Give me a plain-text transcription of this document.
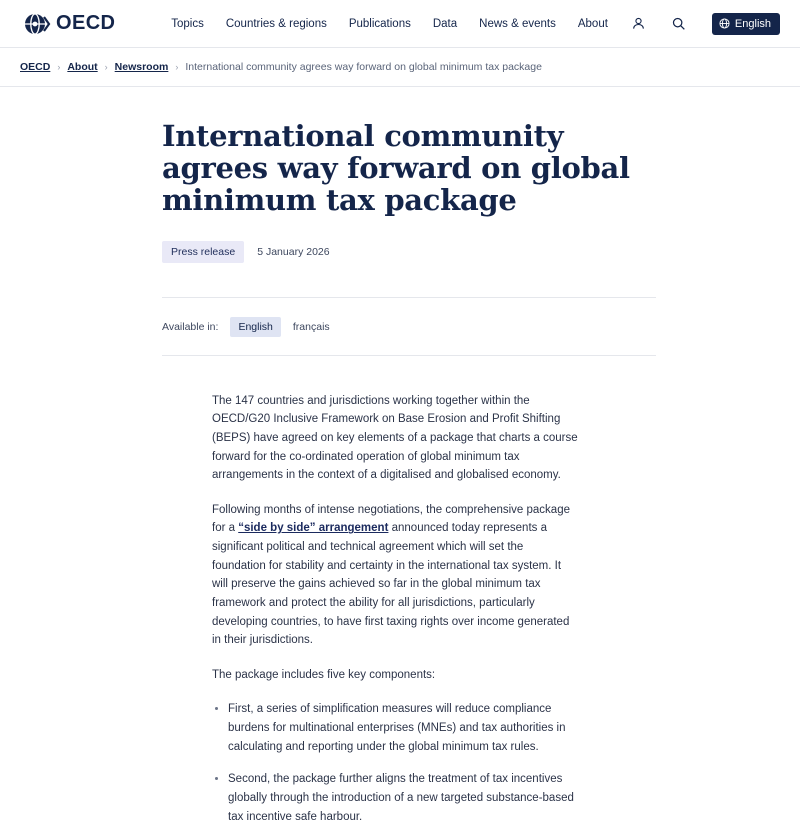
OECD	Topics Countries & regions Publications Data News & events About	English
OECD › About › Newsroom › International community agrees way forward on global minimum tax package
International community agrees way forward on global minimum tax package
Press release	5 January 2026
Available in:	English	français

The 147 countries and jurisdictions working together within the OECD/G20 Inclusive Framework on Base Erosion and Profit Shifting (BEPS) have agreed on key elements of a package that charts a course forward for the co-ordinated operation of global minimum tax arrangements in the context of a digitalised and globalised economy.

Following months of intense negotiations, the comprehensive package for a “side by side” arrangement announced today represents a significant political and technical agreement which will set the foundation for stability and certainty in the international tax system. It will preserve the gains achieved so far in the global minimum tax framework and protect the ability for all jurisdictions, particularly developing countries, to have first taxing rights over income generated in their jurisdictions.

The package includes five key components:

• First, a series of simplification measures will reduce compliance burdens for multinational enterprises (MNEs) and tax authorities in calculating and reporting under the global minimum tax rules.
• Second, the package further aligns the treatment of tax incentives globally through the introduction of a new targeted substance-based tax incentive safe harbour.
